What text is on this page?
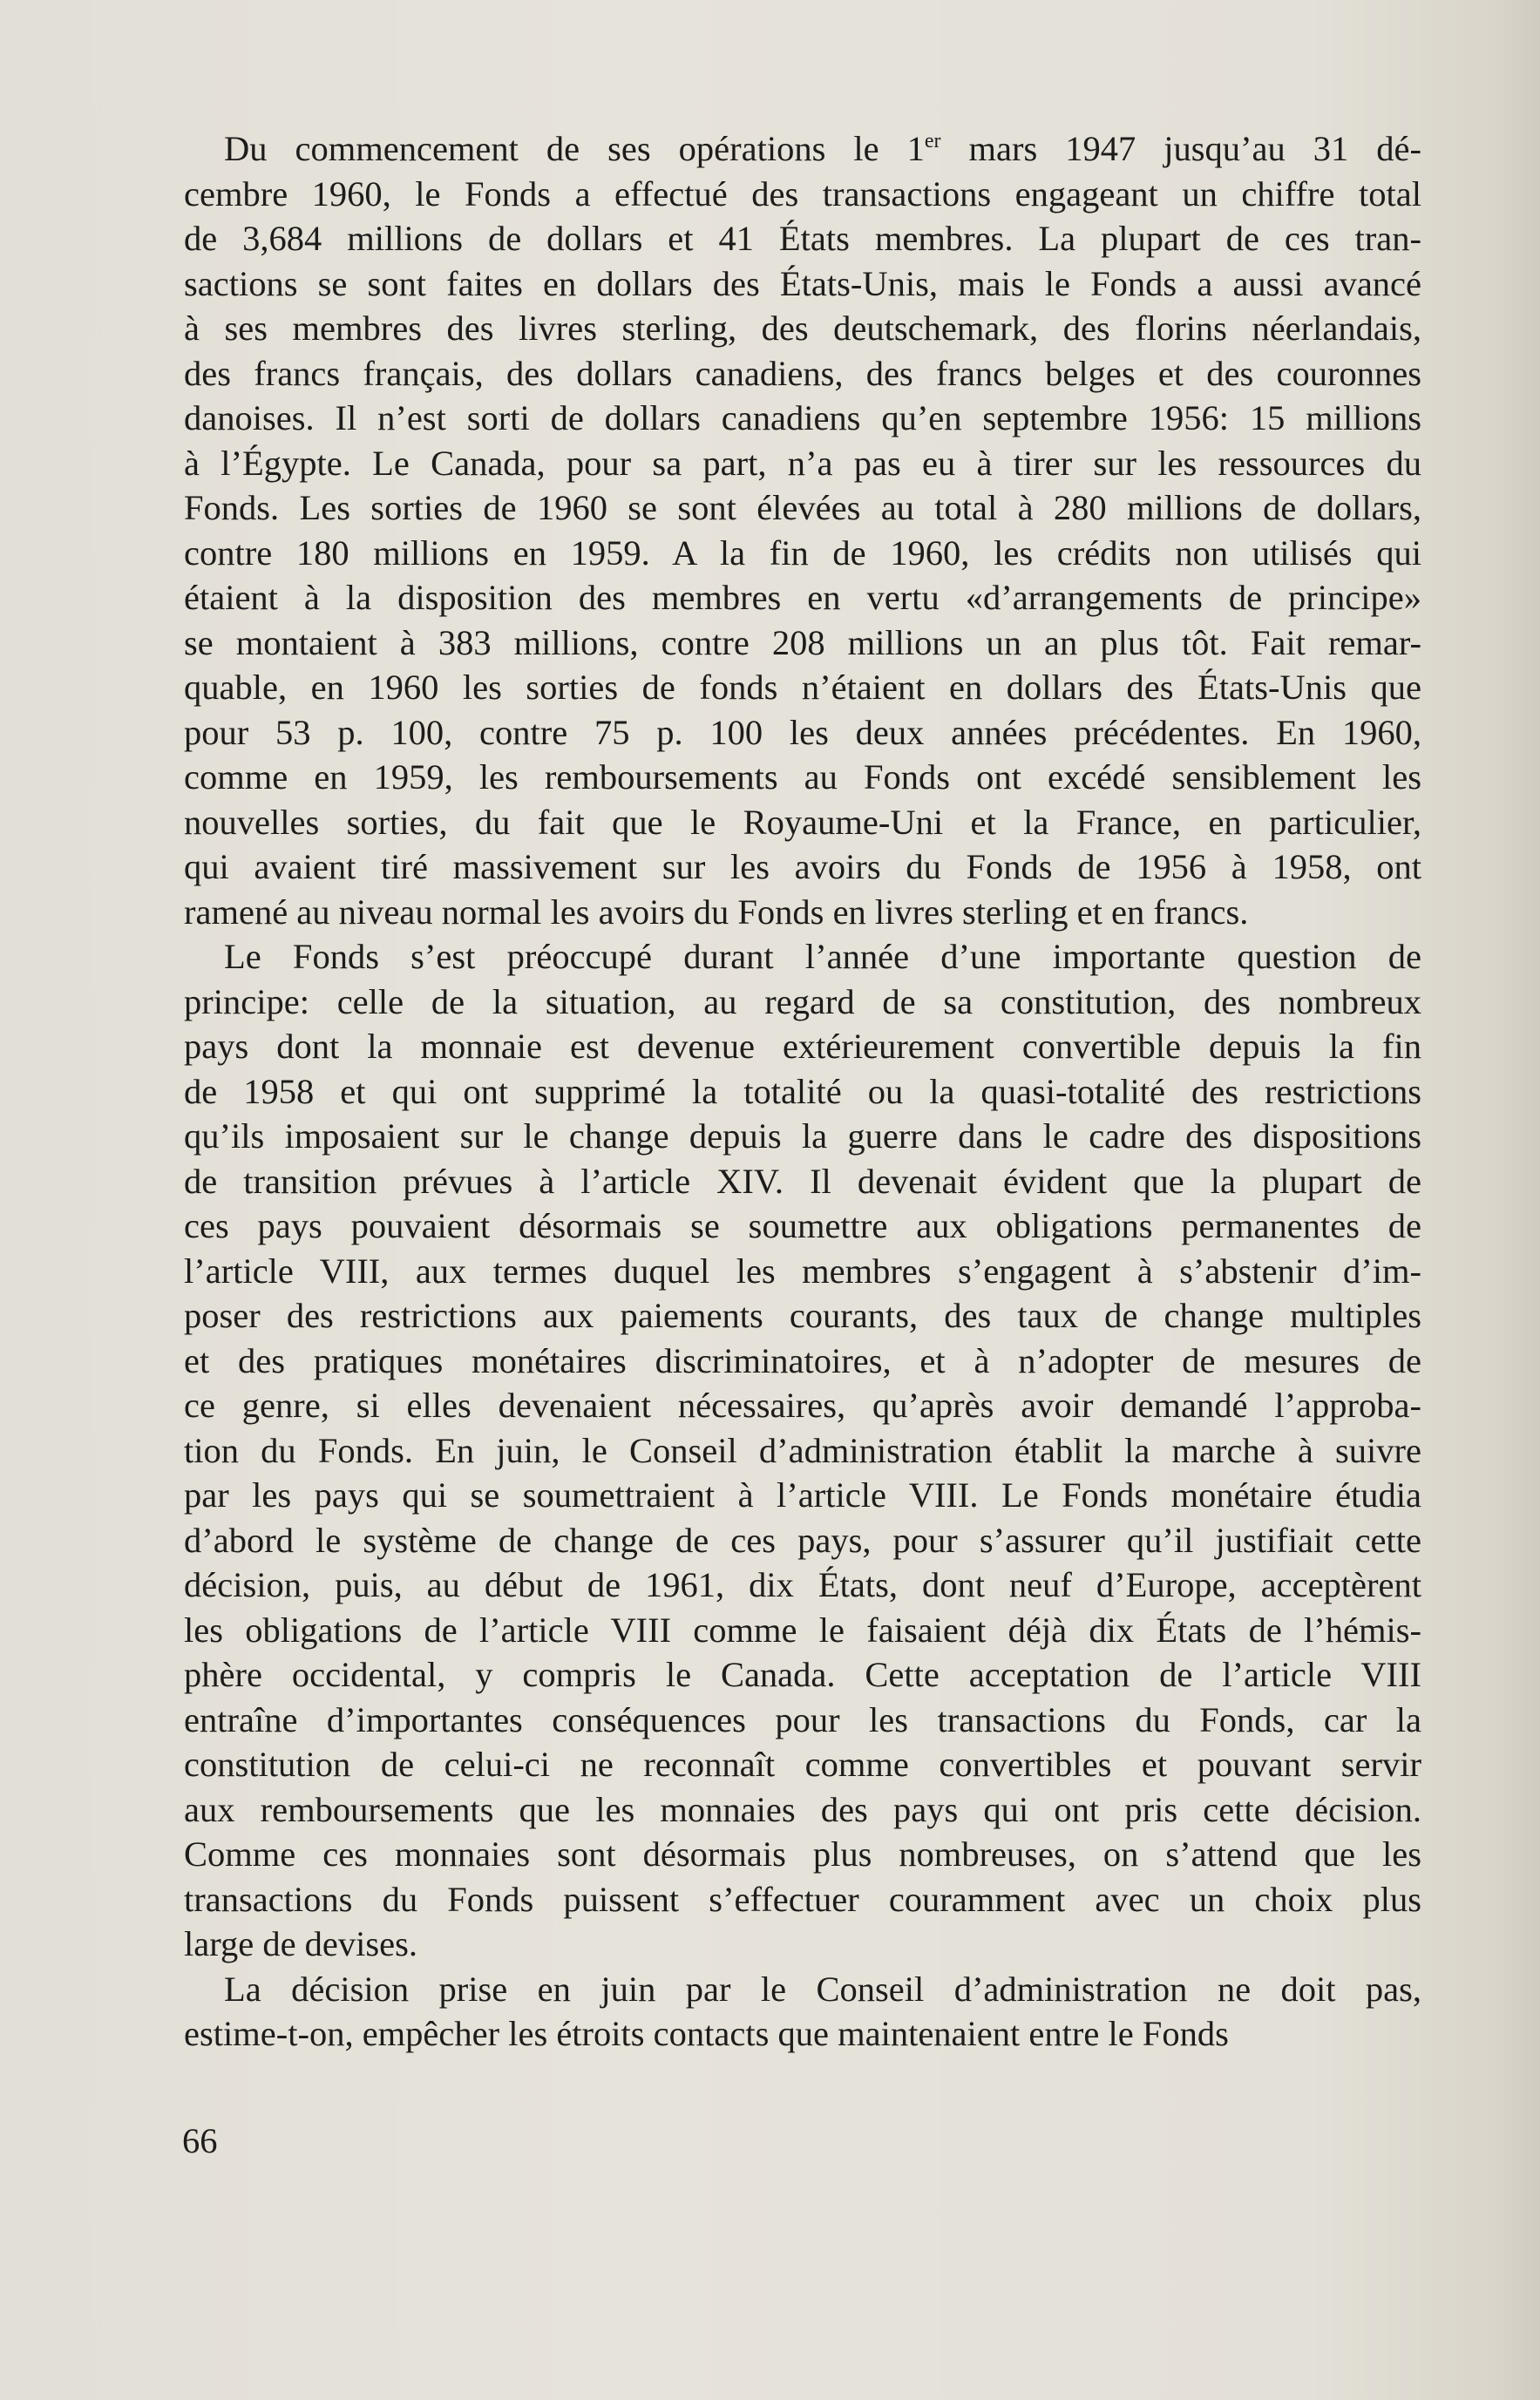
Du commencement de ses opérations le 1er mars 1947 jusqu’au 31 dé-
cembre 1960, le Fonds a effectué des transactions engageant un chiffre total
de 3,684 millions de dollars et 41 États membres. La plupart de ces tran-
sactions se sont faites en dollars des États-Unis, mais le Fonds a aussi avancé
à ses membres des livres sterling, des deutschemark, des florins néerlandais,
des francs français, des dollars canadiens, des francs belges et des couronnes
danoises. Il n’est sorti de dollars canadiens qu’en septembre 1956: 15 millions
à l’Égypte. Le Canada, pour sa part, n’a pas eu à tirer sur les ressources du
Fonds. Les sorties de 1960 se sont élevées au total à 280 millions de dollars,
contre 180 millions en 1959. A la fin de 1960, les crédits non utilisés qui
étaient à la disposition des membres en vertu «d’arrangements de principe»
se montaient à 383 millions, contre 208 millions un an plus tôt. Fait remar-
quable, en 1960 les sorties de fonds n’étaient en dollars des États-Unis que
pour 53 p. 100, contre 75 p. 100 les deux années précédentes. En 1960,
comme en 1959, les remboursements au Fonds ont excédé sensiblement les
nouvelles sorties, du fait que le Royaume-Uni et la France, en particulier,
qui avaient tiré massivement sur les avoirs du Fonds de 1956 à 1958, ont
ramené au niveau normal les avoirs du Fonds en livres sterling et en francs.
Le Fonds s’est préoccupé durant l’année d’une importante question de
principe: celle de la situation, au regard de sa constitution, des nombreux
pays dont la monnaie est devenue extérieurement convertible depuis la fin
de 1958 et qui ont supprimé la totalité ou la quasi-totalité des restrictions
qu’ils imposaient sur le change depuis la guerre dans le cadre des dispositions
de transition prévues à l’article XIV. Il devenait évident que la plupart de
ces pays pouvaient désormais se soumettre aux obligations permanentes de
l’article VIII, aux termes duquel les membres s’engagent à s’abstenir d’im-
poser des restrictions aux paiements courants, des taux de change multiples
et des pratiques monétaires discriminatoires, et à n’adopter de mesures de
ce genre, si elles devenaient nécessaires, qu’après avoir demandé l’approba-
tion du Fonds. En juin, le Conseil d’administration établit la marche à suivre
par les pays qui se soumettraient à l’article VIII. Le Fonds monétaire étudia
d’abord le système de change de ces pays, pour s’assurer qu’il justifiait cette
décision, puis, au début de 1961, dix États, dont neuf d’Europe, acceptèrent
les obligations de l’article VIII comme le faisaient déjà dix États de l’hémis-
phère occidental, y compris le Canada. Cette acceptation de l’article VIII
entraîne d’importantes conséquences pour les transactions du Fonds, car la
constitution de celui-ci ne reconnaît comme convertibles et pouvant servir
aux remboursements que les monnaies des pays qui ont pris cette décision.
Comme ces monnaies sont désormais plus nombreuses, on s’attend que les
transactions du Fonds puissent s’effectuer couramment avec un choix plus
large de devises.
La décision prise en juin par le Conseil d’administration ne doit pas,
estime-t-on, empêcher les étroits contacts que maintenaient entre le Fonds
66
